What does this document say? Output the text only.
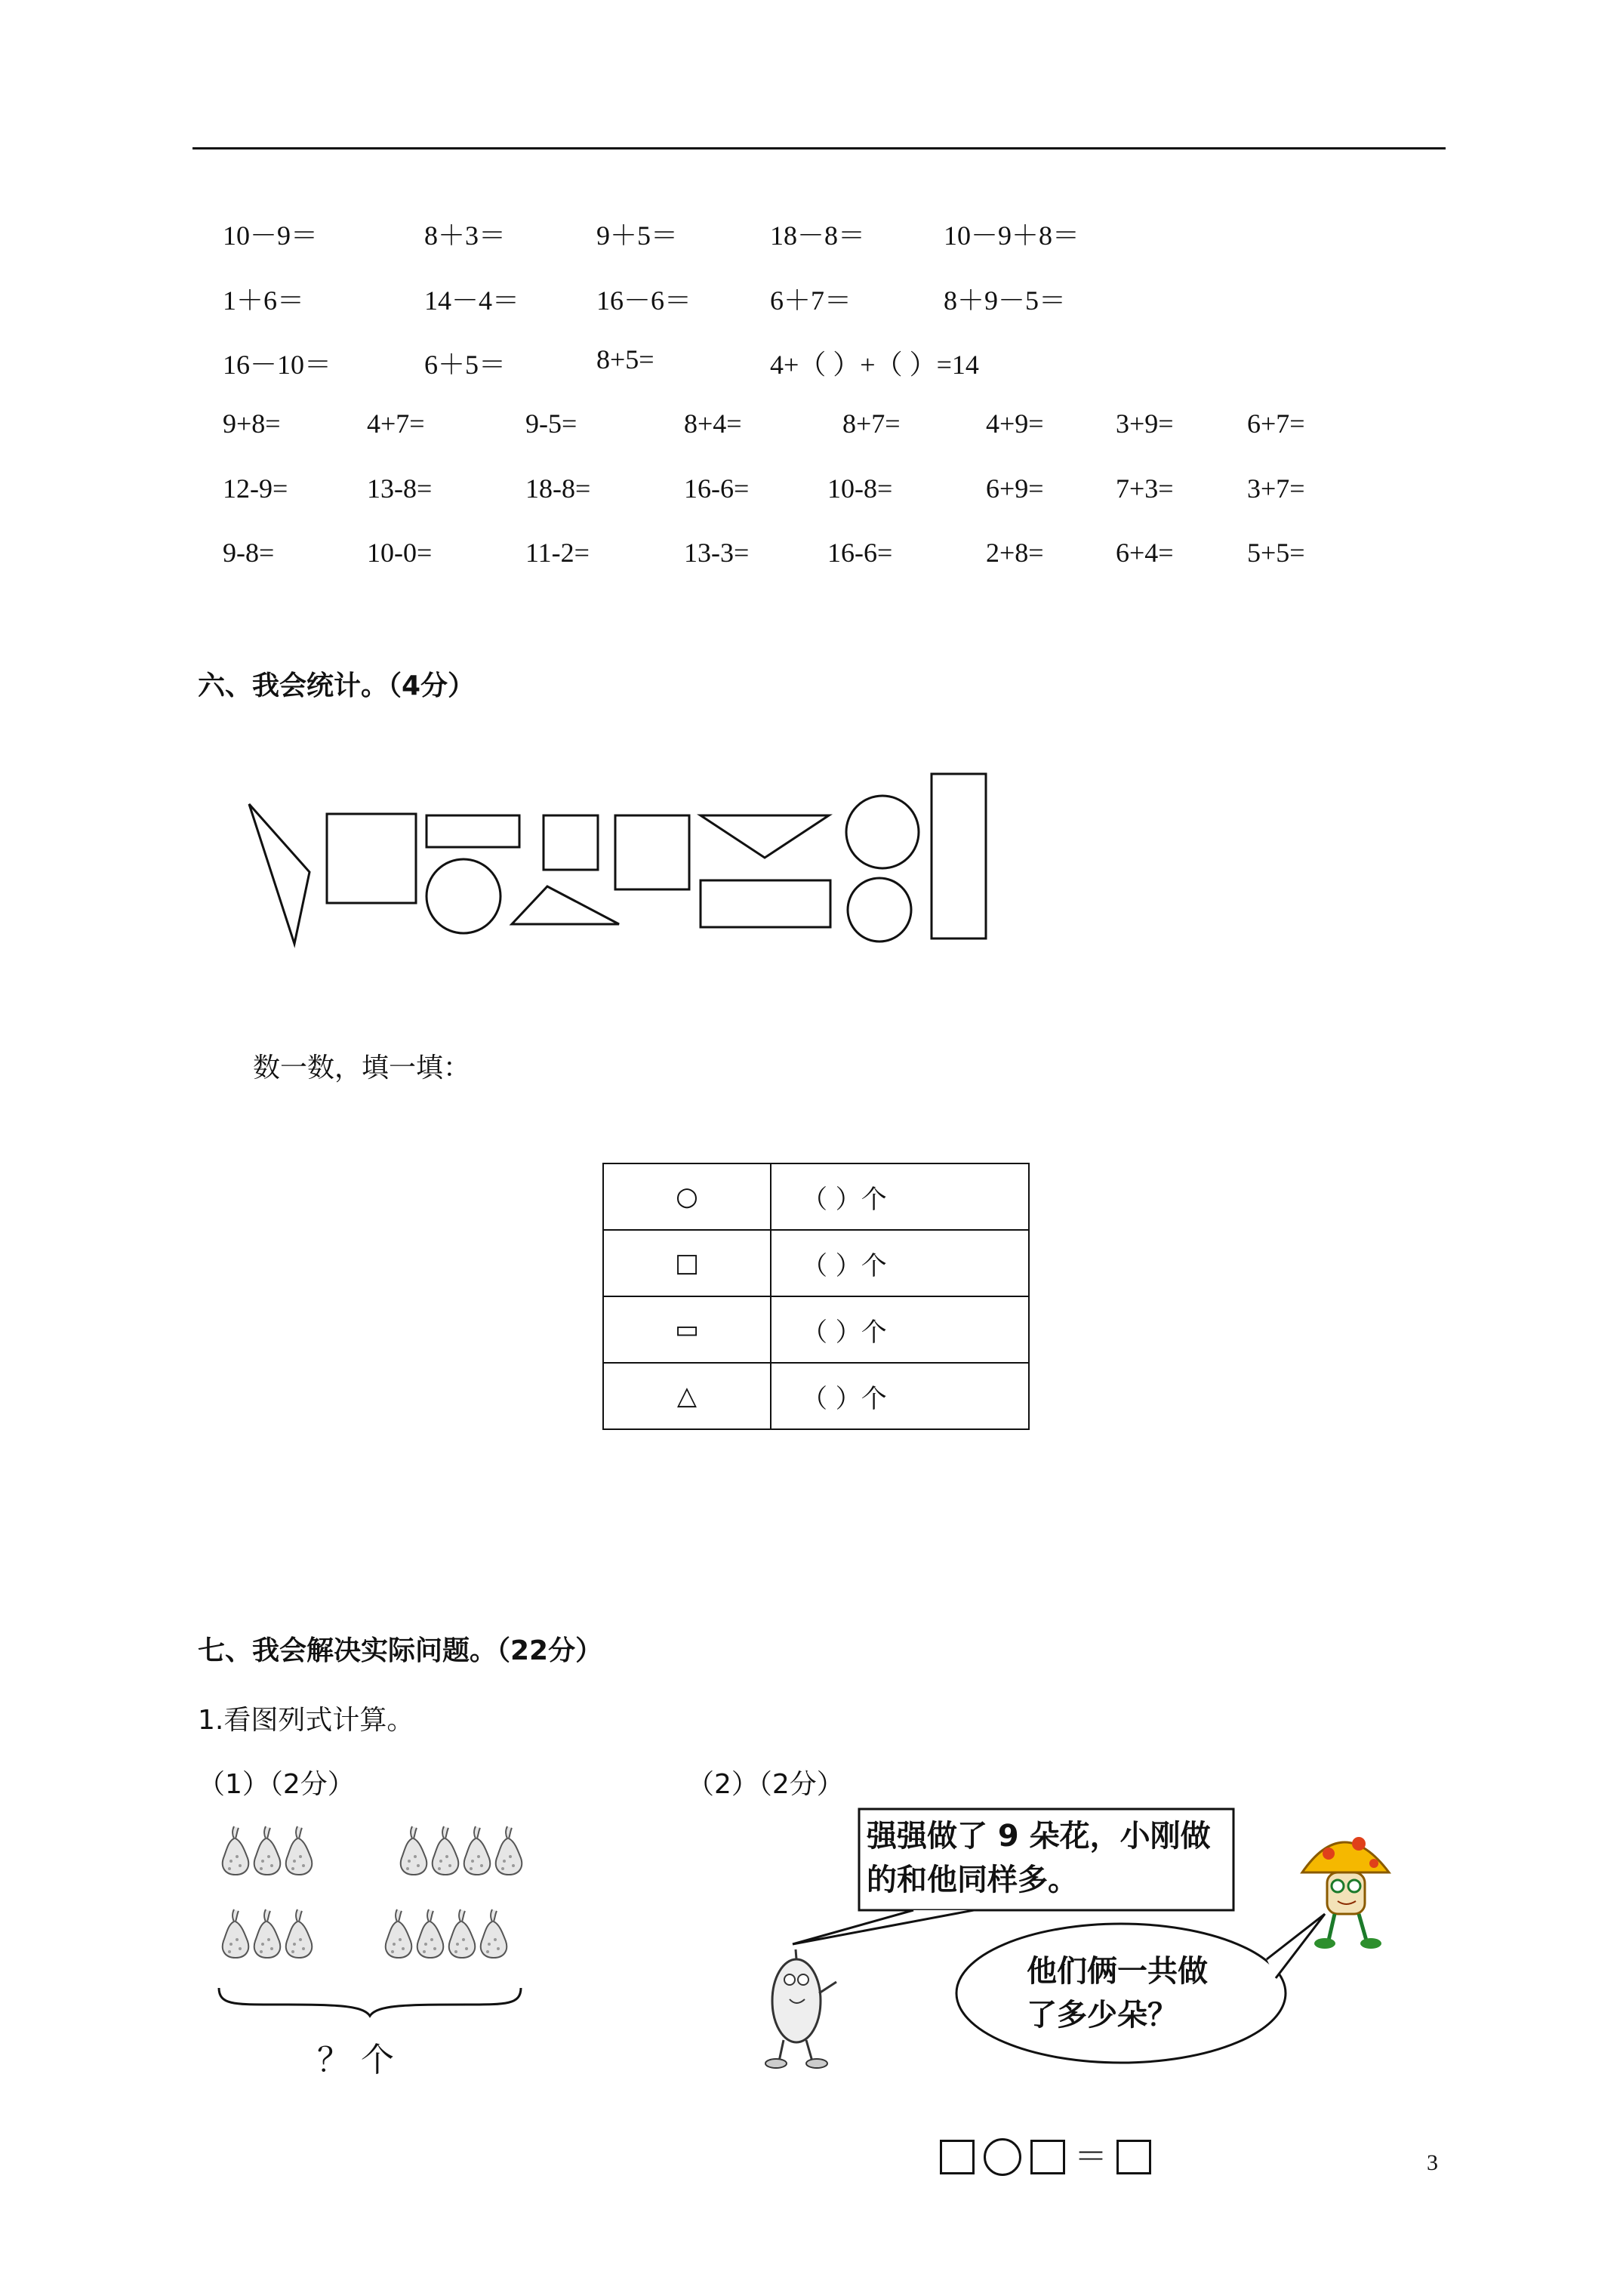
10－9＝	8＋3＝	9＋5＝	18－8＝	10－9＋8＝
1＋6＝	14－4＝	16－6＝	6＋7＝	8＋9－5＝
16－10＝	6＋5＝	8+5=	4+（ ）+（ ）=14
9+8=	4+7=	9-5=	8+4=	8+7=	4+9=	3+9=	6+7=
12-9=	13-8=	18-8=	16-6=	10-8=	6+9=	7+3=	3+7=
9-8=	10-0=	11-2=	13-3=	16-6=	2+8=	6+4=	5+5=
六、我会统计。（4分）
数一数，填一填：
○	（ ）个
□	（ ）个
▭	（ ）个
△	（ ）个
七、我会解决实际问题。（22分）
1.看图列式计算。
（1）（2分）	（2）（2分）
？ 个
强强做了 9 朵花，小刚做
的和他同样多。
他们俩一共做
了多少朵？
＝	3
